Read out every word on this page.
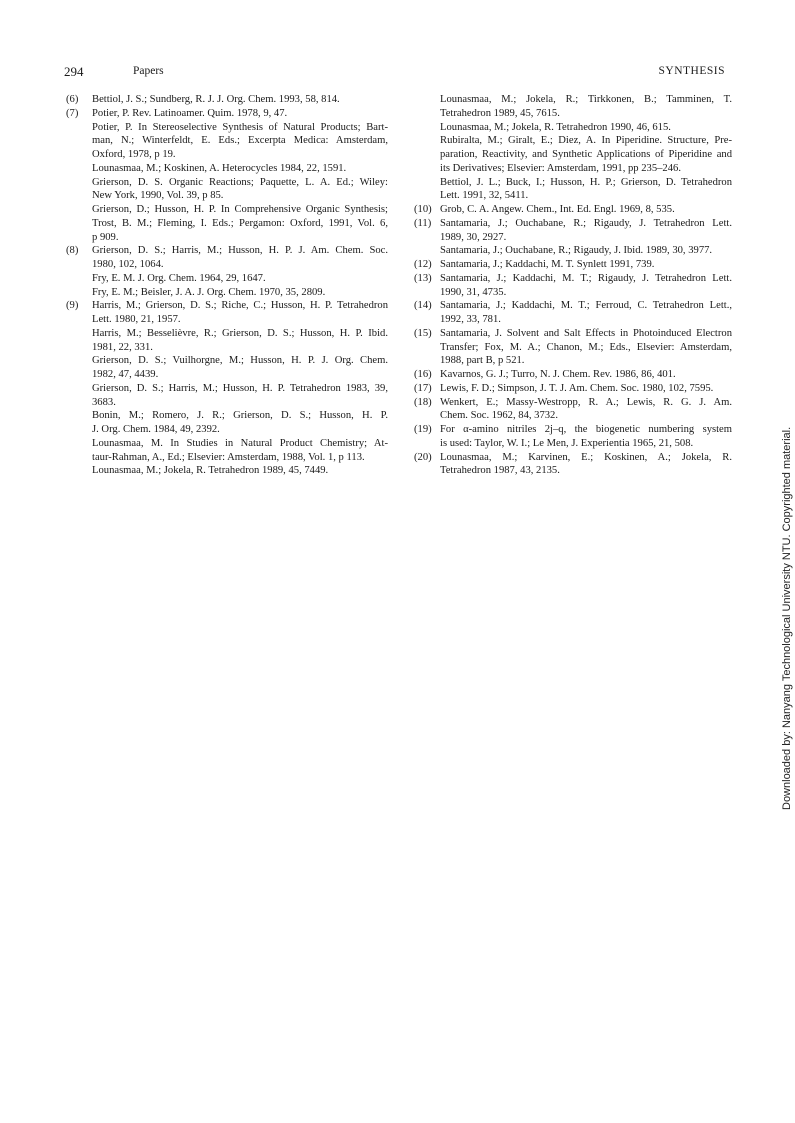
294	Papers	SYNTHESIS
(6)	Bettiol, J. S.; Sundberg, R. J. J. Org. Chem. 1993, 58, 814.
(7)	Potier, P. Rev. Latinoamer. Quim. 1978, 9, 47.
Potier, P. In Stereoselective Synthesis of Natural Products; Bart-
man, N.; Winterfeldt, E. Eds.; Excerpta Medica: Amsterdam,
Oxford, 1978, p 19.
Lounasmaa, M.; Koskinen, A. Heterocycles 1984, 22, 1591.
Grierson, D. S. Organic Reactions; Paquette, L. A. Ed.; Wiley:
New York, 1990, Vol. 39, p 85.
Grierson, D.; Husson, H. P. In Comprehensive Organic Synthesis;
Trost, B. M.; Fleming, I. Eds.; Pergamon: Oxford, 1991, Vol. 6,
p 909.
(8)	Grierson, D. S.; Harris, M.; Husson, H. P. J. Am. Chem. Soc.
1980, 102, 1064.
Fry, E. M. J. Org. Chem. 1964, 29, 1647.
Fry, E. M.; Beisler, J. A. J. Org. Chem. 1970, 35, 2809.
(9)	Harris, M.; Grierson, D. S.; Riche, C.; Husson, H. P. Tetrahedron
Lett. 1980, 21, 1957.
Harris, M.; Besselièvre, R.; Grierson, D. S.; Husson, H. P. Ibid.
1981, 22, 331.
Grierson, D. S.; Vuilhorgne, M.; Husson, H. P. J. Org. Chem.
1982, 47, 4439.
Grierson, D. S.; Harris, M.; Husson, H. P. Tetrahedron 1983, 39,
3683.
Bonin, M.; Romero, J. R.; Grierson, D. S.; Husson, H. P.
J. Org. Chem. 1984, 49, 2392.
Lounasmaa, M. In Studies in Natural Product Chemistry; At-
taur-Rahman, A., Ed.; Elsevier: Amsterdam, 1988, Vol. 1, p 113.
Lounasmaa, M.; Jokela, R. Tetrahedron 1989, 45, 7449.
Lounasmaa, M.; Jokela, R.; Tirkkonen, B.; Tamminen, T.
Tetrahedron 1989, 45, 7615.
Lounasmaa, M.; Jokela, R. Tetrahedron 1990, 46, 615.
Rubiralta, M.; Giralt, E.; Diez, A. In Piperidine. Structure, Pre-
paration, Reactivity, and Synthetic Applications of Piperidine and
its Derivatives; Elsevier: Amsterdam, 1991, pp 235–246.
Bettiol, J. L.; Buck, I.; Husson, H. P.; Grierson, D. Tetrahedron
Lett. 1991, 32, 5411.
(10) Grob, C. A. Angew. Chem., Int. Ed. Engl. 1969, 8, 535.
(11) Santamaria, J.; Ouchabane, R.; Rigaudy, J. Tetrahedron Lett.
1989, 30, 2927.
Santamaria, J.; Ouchabane, R.; Rigaudy, J. Ibid. 1989, 30, 3977.
(12) Santamaria, J.; Kaddachi, M. T. Synlett 1991, 739.
(13) Santamaria, J.; Kaddachi, M. T.; Rigaudy, J. Tetrahedron Lett.
1990, 31, 4735.
(14) Santamaria, J.; Kaddachi, M. T.; Ferroud, C. Tetrahedron Lett.,
1992, 33, 781.
(15) Santamaria, J. Solvent and Salt Effects in Photoinduced Electron
Transfer; Fox, M. A.; Chanon, M.; Eds., Elsevier: Amsterdam,
1988, part B, p 521.
(16) Kavarnos, G. J.; Turro, N. J. Chem. Rev. 1986, 86, 401.
(17) Lewis, F. D.; Simpson, J. T. J. Am. Chem. Soc. 1980, 102, 7595.
(18) Wenkert, E.; Massy-Westropp, R. A.; Lewis, R. G. J. Am.
Chem. Soc. 1962, 84, 3732.
(19) For α-amino nitriles 2j–q, the biogenetic numbering system
is used: Taylor, W. I.; Le Men, J. Experientia 1965, 21, 508.
(20) Lounasmaa, M.; Karvinen, E.; Koskinen, A.; Jokela, R.
Tetrahedron 1987, 43, 2135.	Downloaded by: Nanyang Technological University NTU. Copyrighted material.
